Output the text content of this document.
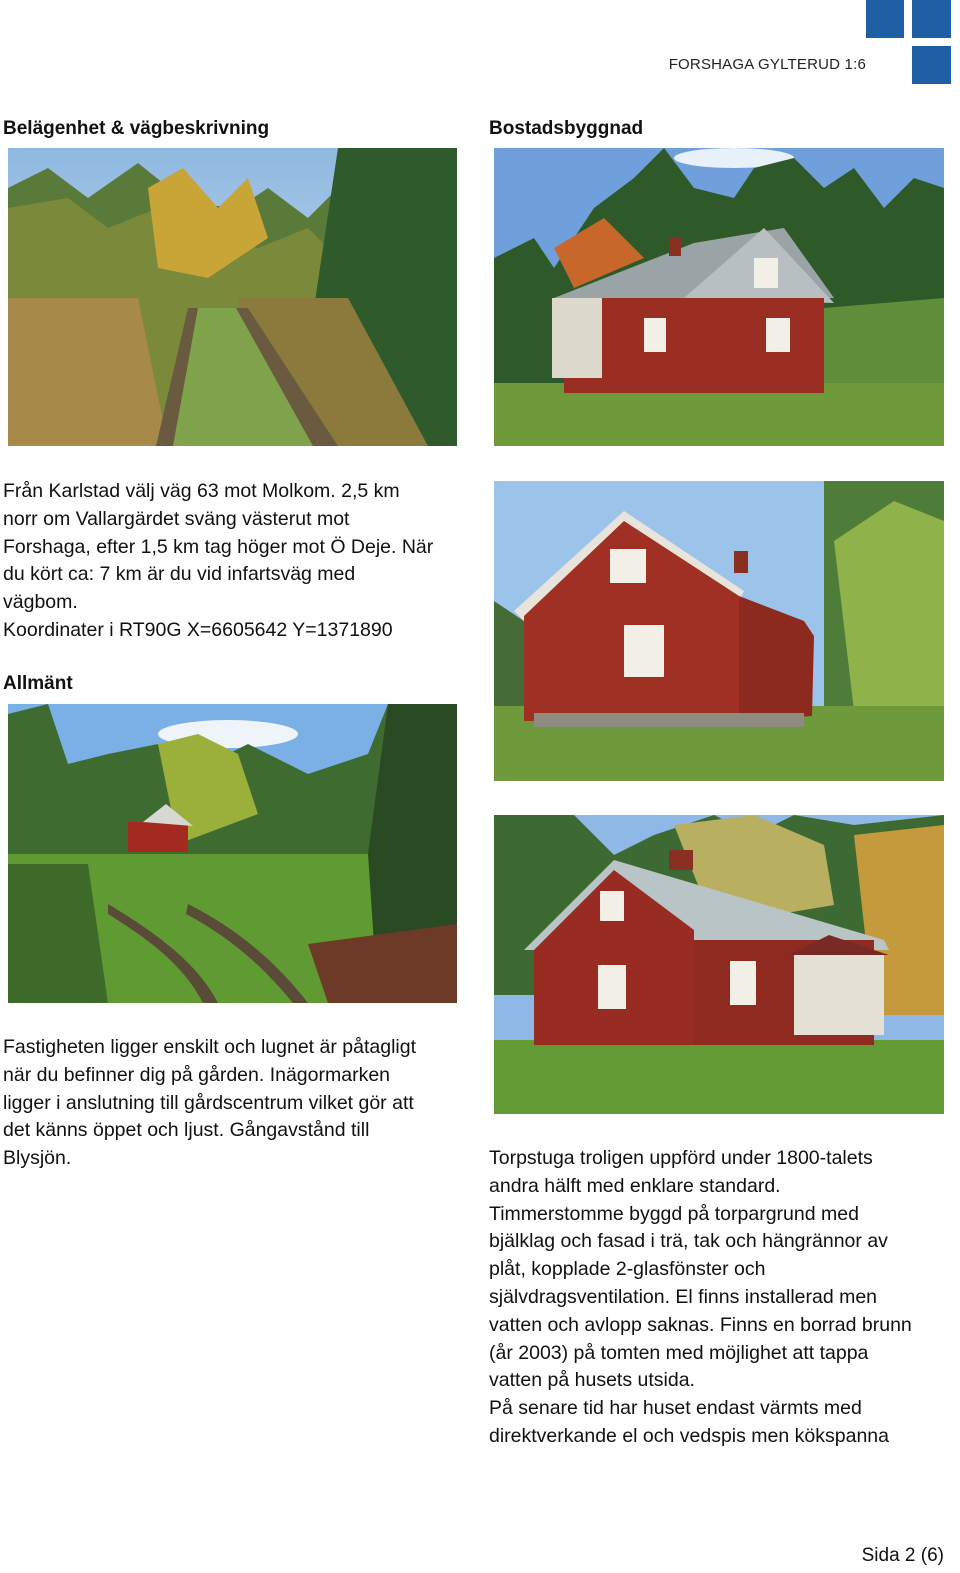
FORSHAGA GYLTERUD 1:6
Belägenhet & vägbeskrivning	Bostadsbyggnad
Från Karlstad välj väg 63 mot Molkom. 2,5 km
norr om Vallargärdet sväng västerut mot
Forshaga, efter 1,5 km tag höger mot Ö Deje. När
du kört ca: 7 km är du vid infartsväg med
vägbom.
Koordinater i RT90G X=6605642 Y=1371890
Allmänt
Fastigheten ligger enskilt och lugnet är påtagligt
när du befinner dig på gården. Inägormarken
ligger i anslutning till gårdscentrum vilket gör att
det känns öppet och ljust. Gångavstånd till
Blysjön.	Torpstuga troligen uppförd under 1800-talets
andra hälft med enklare standard.
Timmerstomme byggd på torpargrund med
bjälklag och fasad i trä, tak och hängrännor av
plåt, kopplade 2-glasfönster och
självdragsventilation. El finns installerad men
vatten och avlopp saknas. Finns en borrad brunn
(år 2003) på tomten med möjlighet att tappa
vatten på husets utsida.
På senare tid har huset endast värmts med
direktverkande el och vedspis men kökspanna
Sida 2 (6)
